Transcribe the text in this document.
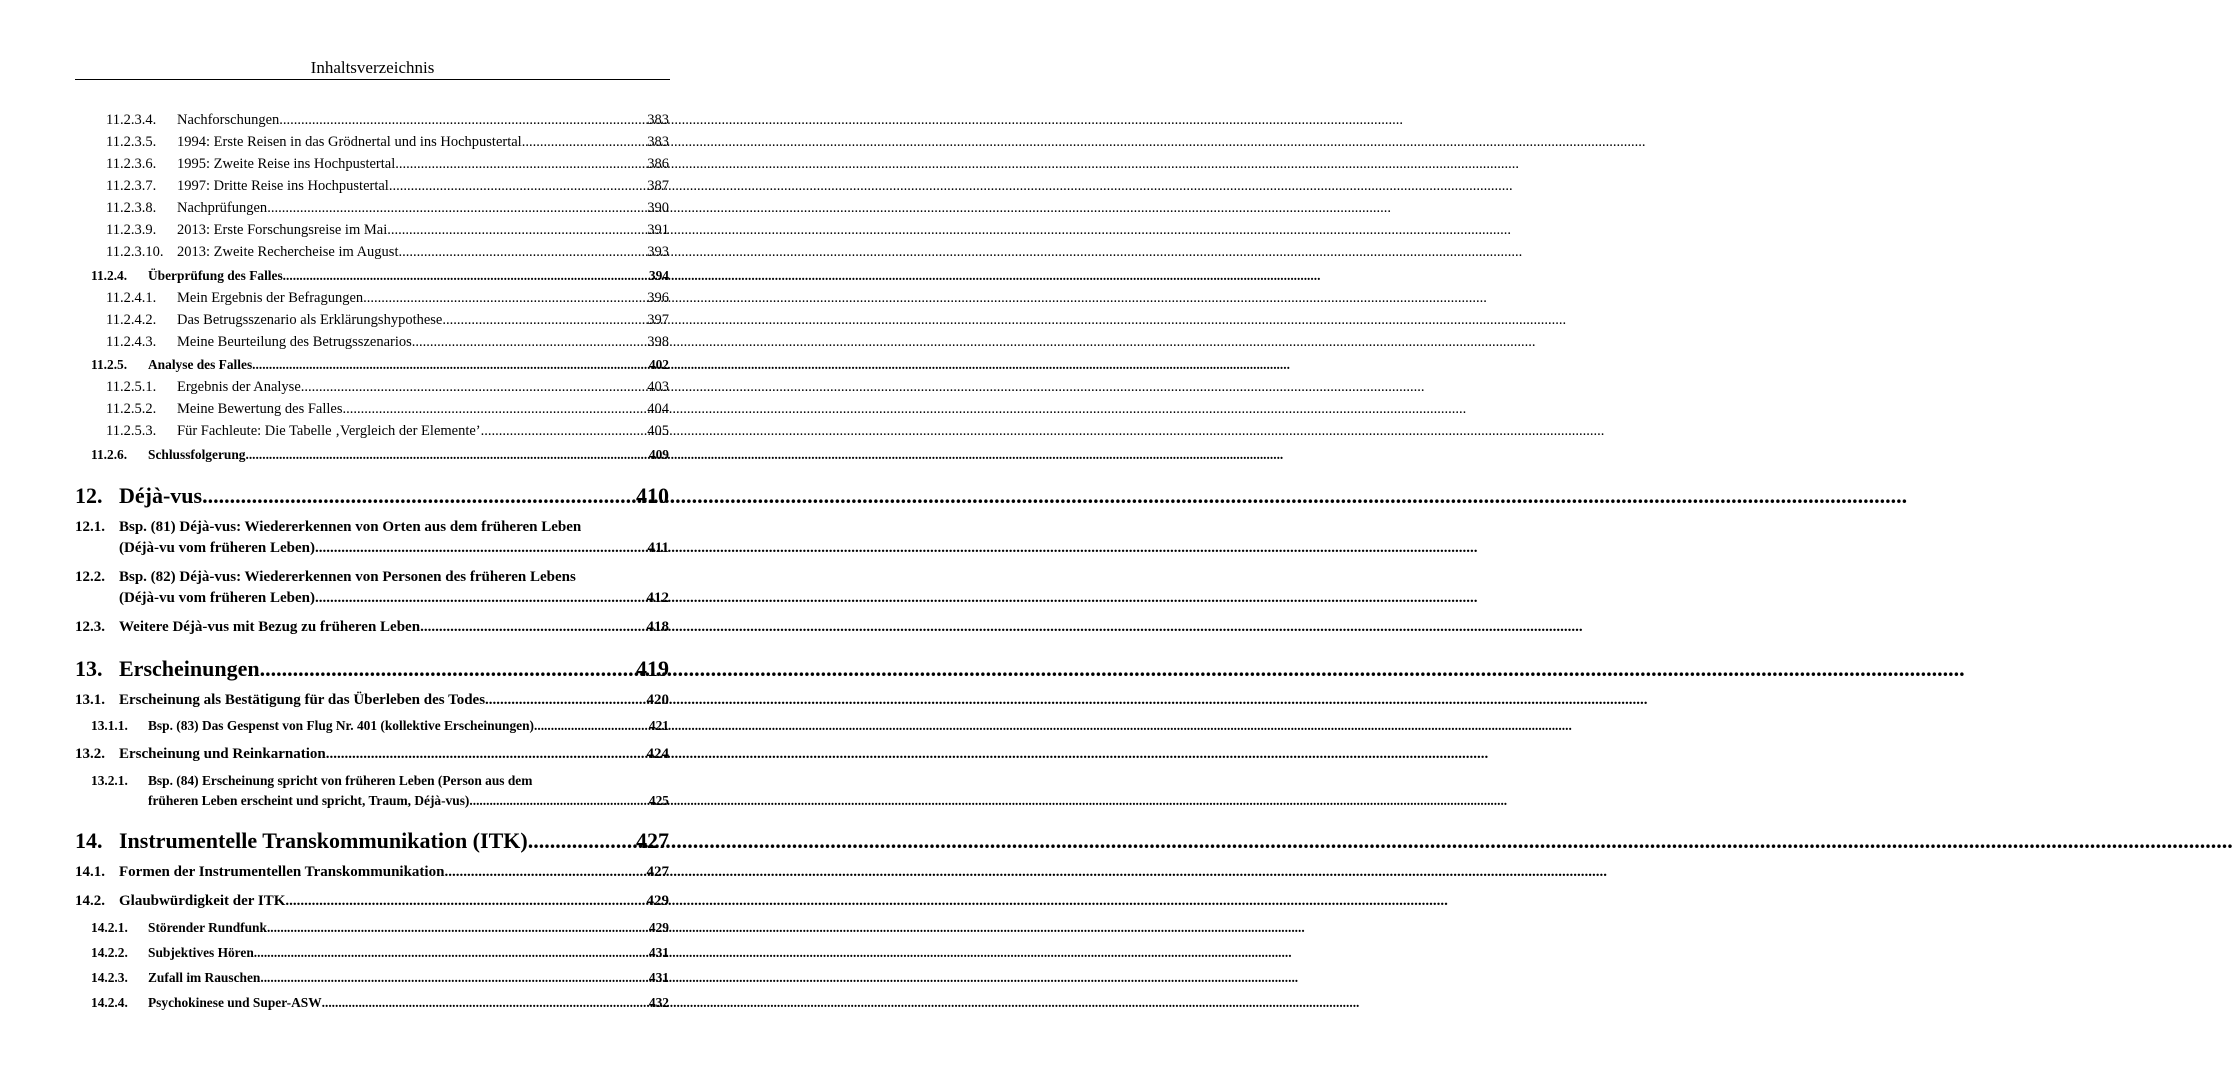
Inhaltsverzeichnis
11.2.3.4.	Nachforschungen .....	383
11.2.3.5.	1994: Erste Reisen in das Grödnertal und ins Hochpustertal .....	383
11.2.3.6.	1995: Zweite Reise ins Hochpustertal .....	386
11.2.3.7.	1997: Dritte Reise ins Hochpustertal .....	387
11.2.3.8.	Nachprüfungen .....	390
11.2.3.9.	2013: Erste Forschungsreise im Mai .....	391
11.2.3.10. 2013: Zweite Rechercheise im August .....	393
11.2.4.	Überprüfung des Falles .....	394
11.2.4.1.	Mein Ergebnis der Befragungen .....	396
11.2.4.2.	Das Betrugsszenario als Erklärungshypothese .....	397
11.2.4.3.	Meine Beurteilung des Betrugsszenarios .....	398
11.2.5.	Analyse des Falles .....	402
11.2.5.1.	Ergebnis der Analyse .....	403
11.2.5.2.	Meine Bewertung des Falles .....	404
11.2.5.3.	Für Fachleute: Die Tabelle ‚Vergleich der Elemente’ .....	405
11.2.6.	Schlussfolgerung .....	409
12. Déjà-vus .....	410
12.1. Bsp. (81) Déjà-vus: Wiedererkennen von Orten aus dem früheren Leben
(Déjà-vu vom früheren Leben) .....	411
12.2. Bsp. (82) Déjà-vus: Wiedererkennen von Personen des früheren Lebens
(Déjà-vu vom früheren Leben) .....	412
12.3. Weitere Déjà-vus mit Bezug zu früheren Leben .....	418
13. Erscheinungen .....	419
13.1. Erscheinung als Bestätigung für das Überleben des Todes .....	420
13.1.1.	Bsp. (83) Das Gespenst von Flug Nr. 401 (kollektive Erscheinungen) .....	421
13.2. Erscheinung und Reinkarnation .....	424
13.2.1.	Bsp. (84) Erscheinung spricht von früheren Leben (Person aus dem
früheren Leben erscheint und spricht, Traum, Déjà-vus) .....	425
14. Instrumentelle Transkommunikation (ITK) .....	427
14.1. Formen der Instrumentellen Transkommunikation .....	427
14.2. Glaubwürdigkeit der ITK .....	429
14.2.1.	Störender Rundfunk .....	429
14.2.2.	Subjektives Hören .....	431
14.2.3.	Zufall im Rauschen .....	431
14.2.4.	Psychokinese und Super-ASW .....	432
